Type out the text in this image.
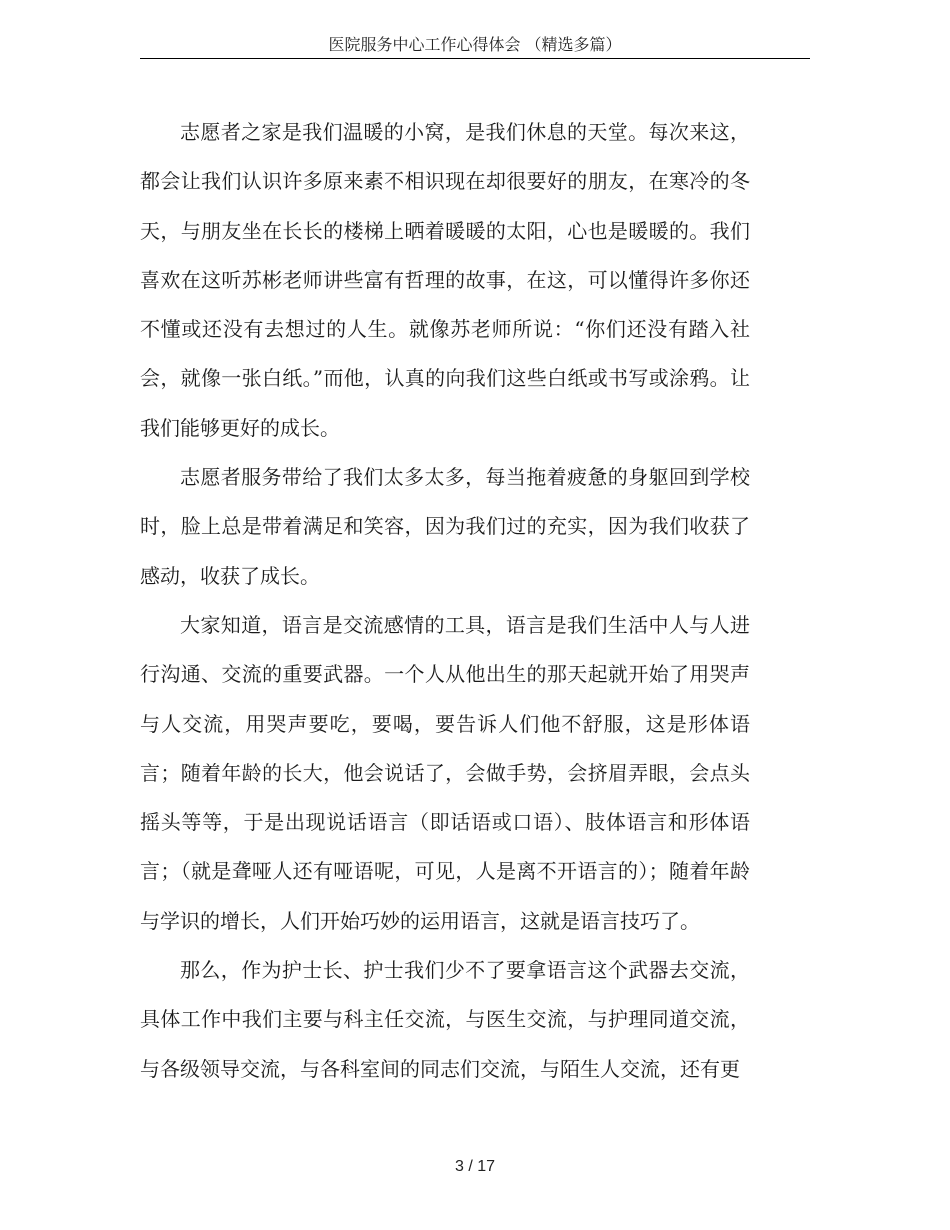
医院服务中心工作心得体会 （精选多篇）

志愿者之家是我们温暖的小窝，是我们休息的天堂。每次来这，都会让我们认识许多原来素不相识现在却很要好的朋友，在寒冷的冬天，与朋友坐在长长的楼梯上晒着暖暖的太阳，心也是暖暖的。我们喜欢在这听苏彬老师讲些富有哲理的故事，在这，可以懂得许多你还不懂或还没有去想过的人生。就像苏老师所说：“你们还没有踏入社会，就像一张白纸。”而他，认真的向我们这些白纸或书写或涂鸦。让我们能够更好的成长。

志愿者服务带给了我们太多太多，每当拖着疲惫的身躯回到学校时，脸上总是带着满足和笑容，因为我们过的充实，因为我们收获了感动，收获了成长。

大家知道，语言是交流感情的工具，语言是我们生活中人与人进行沟通、交流的重要武器。一个人从他出生的那天起就开始了用哭声与人交流，用哭声要吃，要喝，要告诉人们他不舒服，这是形体语言；随着年龄的长大，他会说话了，会做手势，会挤眉弄眼，会点头摇头等等，于是出现说话语言（即话语或口语）、肢体语言和形体语言；（就是聋哑人还有哑语呢，可见，人是离不开语言的）；随着年龄与学识的增长，人们开始巧妙的运用语言，这就是语言技巧了。

那么，作为护士长、护士我们少不了要拿语言这个武器去交流，具体工作中我们主要与科主任交流，与医生交流，与护理同道交流，与各级领导交流，与各科室间的同志们交流，与陌生人交流，还有更

3 / 17
